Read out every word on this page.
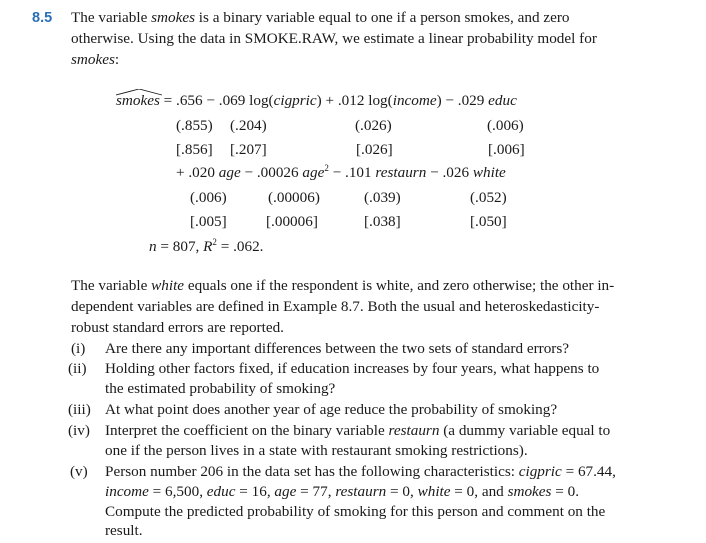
8.5 The variable smokes is a binary variable equal to one if a person smokes, and zero
otherwise. Using the data in SMOKE.RAW, we estimate a linear probability model for
smokes:
smokes = .656 − .069 log(cigpric) + .012 log(income) − .029 educ
(.855) (.204)	(.026)	(.006)
[.856] [.207]	[.026]	[.006]
+ .020 age − .00026 age$^2$ − .101 restaurn − .026 white
(.006)	(.00006)	(.039)	(.052)
[.005]	[.00006]	[.038]	[.050]
n = 807, $R^2 = .062$.
The variable white equals one if the respondent is white, and zero otherwise; the other in-
dependent variables are defined in Example 8.7. Both the usual and heteroskedasticity-
robust standard errors are reported.
(i) Are there any important differences between the two sets of standard errors?
(ii) Holding other factors fixed, if education increases by four years, what happens to
the estimated probability of smoking?
(iii) At what point does another year of age reduce the probability of smoking?
(iv) Interpret the coefficient on the binary variable restaurn (a dummy variable equal to
one if the person lives in a state with restaurant smoking restrictions).
(v) Person number 206 in the data set has the following characteristics: cigpric = 67.44,
income = 6,500, educ = 16, age = 77, restaurn = 0, white = 0, and smokes = 0.
Compute the predicted probability of smoking for this person and comment on the
result.
